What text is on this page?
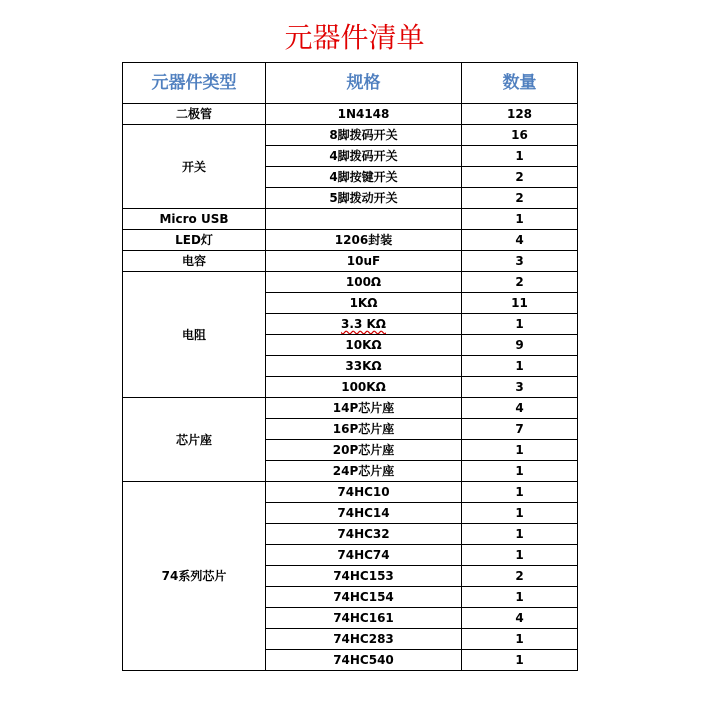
元器件清单
元器件类型	规格	数量
二极管	1N4148	128
开关	8脚拨码开关	16
	4脚拨码开关	1
	4脚按键开关	2
	5脚拨动开关	2
Micro USB		1
LED灯	1206封装	4
电容	10uF	3
电阻	100Ω	2
	1KΩ	11
	3.3 KΩ	1
	10KΩ	9
	33KΩ	1
	100KΩ	3
芯片座	14P芯片座	4
	16P芯片座	7
	20P芯片座	1
	24P芯片座	1
74系列芯片	74HC10	1
	74HC14	1
	74HC32	1
	74HC74	1
	74HC153	2
	74HC154	1
	74HC161	4
	74HC283	1
	74HC540	1
